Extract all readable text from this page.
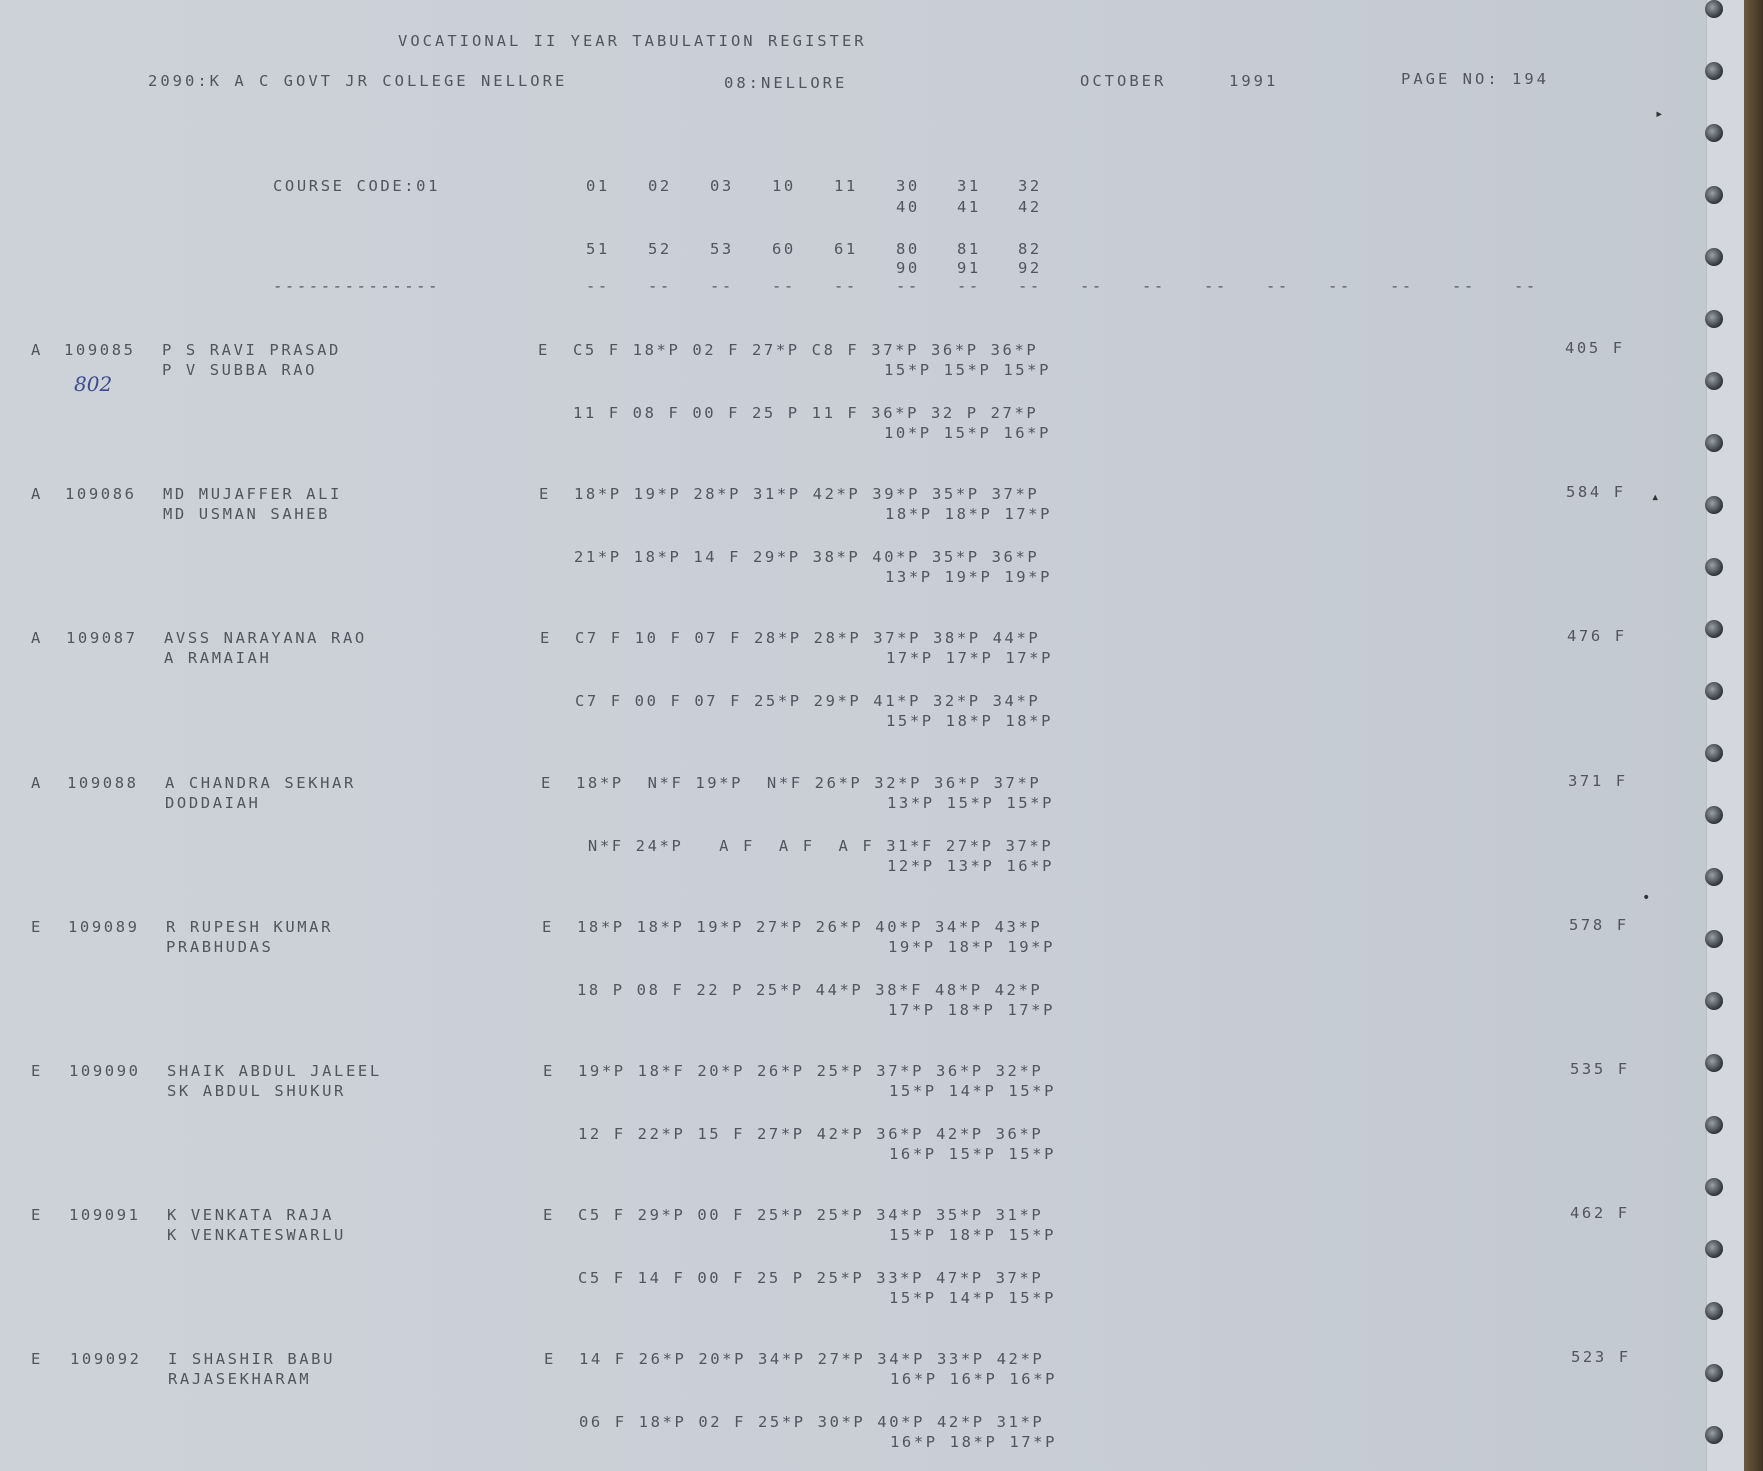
VOCATIONAL II YEAR TABULATION REGISTER
2090:K A C GOVT JR COLLEGE NELLORE	08:NELLORE	OCTOBER	1991	PAGE NO: 194
COURSE CODE:01	01 02 03 10 11 30 31 32
40 41 42
51 52 53 60 61 80 81 82
90 91 92
--------------	-- -- -- -- -- -- -- -- -- -- -- -- -- -- -- --
802
A 109085 P S RAVI PRASAD
P V SUBBA RAO
E C5 F 18*P 02 F 27*P C8 F 37*P 36*P 36*P
15*P 15*P 15*P
11 F 08 F 00 F 25 P 11 F 36*P 32 P 27*P
10*P 15*P 16*P
405 F
A 109086 MD MUJAFFER ALI
MD USMAN SAHEB
E 18*P 19*P 28*P 31*P 42*P 39*P 35*P 37*P
18*P 18*P 17*P
21*P 18*P 14 F 29*P 38*P 40*P 35*P 36*P
13*P 19*P 19*P
584 F
A 109087 AVSS NARAYANA RAO
A RAMAIAH
E C7 F 10 F 07 F 28*P 28*P 37*P 38*P 44*P
17*P 17*P 17*P
C7 F 00 F 07 F 25*P 29*P 41*P 32*P 34*P
15*P 18*P 18*P
476 F
A 109088 A CHANDRA SEKHAR
DODDAIAH
E 18*P  N*F 19*P  N*F 26*P 32*P 36*P 37*P
13*P 15*P 15*P
N*F 24*P   A F  A F  A F 31*F 27*P 37*P
12*P 13*P 16*P
371 F
E 109089 R RUPESH KUMAR
PRABHUDAS
E 18*P 18*P 19*P 27*P 26*P 40*P 34*P 43*P
19*P 18*P 19*P
18 P 08 F 22 P 25*P 44*P 38*F 48*P 42*P
17*P 18*P 17*P
578 F
E 109090 SHAIK ABDUL JALEEL
SK ABDUL SHUKUR
E 19*P 18*F 20*P 26*P 25*P 37*P 36*P 32*P
15*P 14*P 15*P
12 F 22*P 15 F 27*P 42*P 36*P 42*P 36*P
16*P 15*P 15*P
535 F
E 109091 K VENKATA RAJA
K VENKATESWARLU
E C5 F 29*P 00 F 25*P 25*P 34*P 35*P 31*P
15*P 18*P 15*P
C5 F 14 F 00 F 25 P 25*P 33*P 47*P 37*P
15*P 14*P 15*P
462 F
E 109092 I SHASHIR BABU
RAJASEKHARAM
E 14 F 26*P 20*P 34*P 27*P 34*P 33*P 42*P
16*P 16*P 16*P
06 F 18*P 02 F 25*P 30*P 40*P 42*P 31*P
16*P 18*P 17*P
523 F
▸
▴
•
